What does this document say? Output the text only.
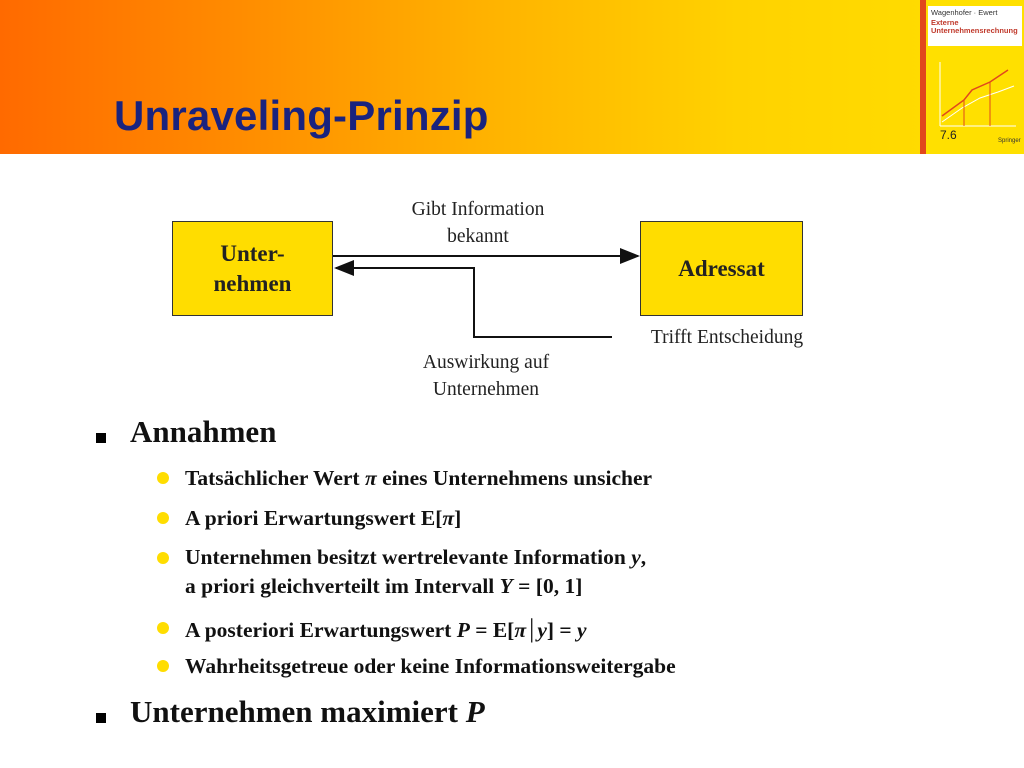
Unraveling-Prinzip
Wagenhofer · Ewert
Externe
Unternehmensrechnung
7.6	Springer
Unter-
nehmen
Adressat
Gibt Information
bekannt
Trifft Entscheidung
Auswirkung auf
Unternehmen
Annahmen
Tatsächlicher Wert π eines Unternehmens unsicher
A priori Erwartungswert E[π]
Unternehmen besitzt wertrelevante Information y,
a priori gleichverteilt im Intervall Y = [0, 1]
A posteriori Erwartungswert P = E[π | y] = y
Wahrheitsgetreue oder keine Informationsweitergabe
Unternehmen maximiert P
